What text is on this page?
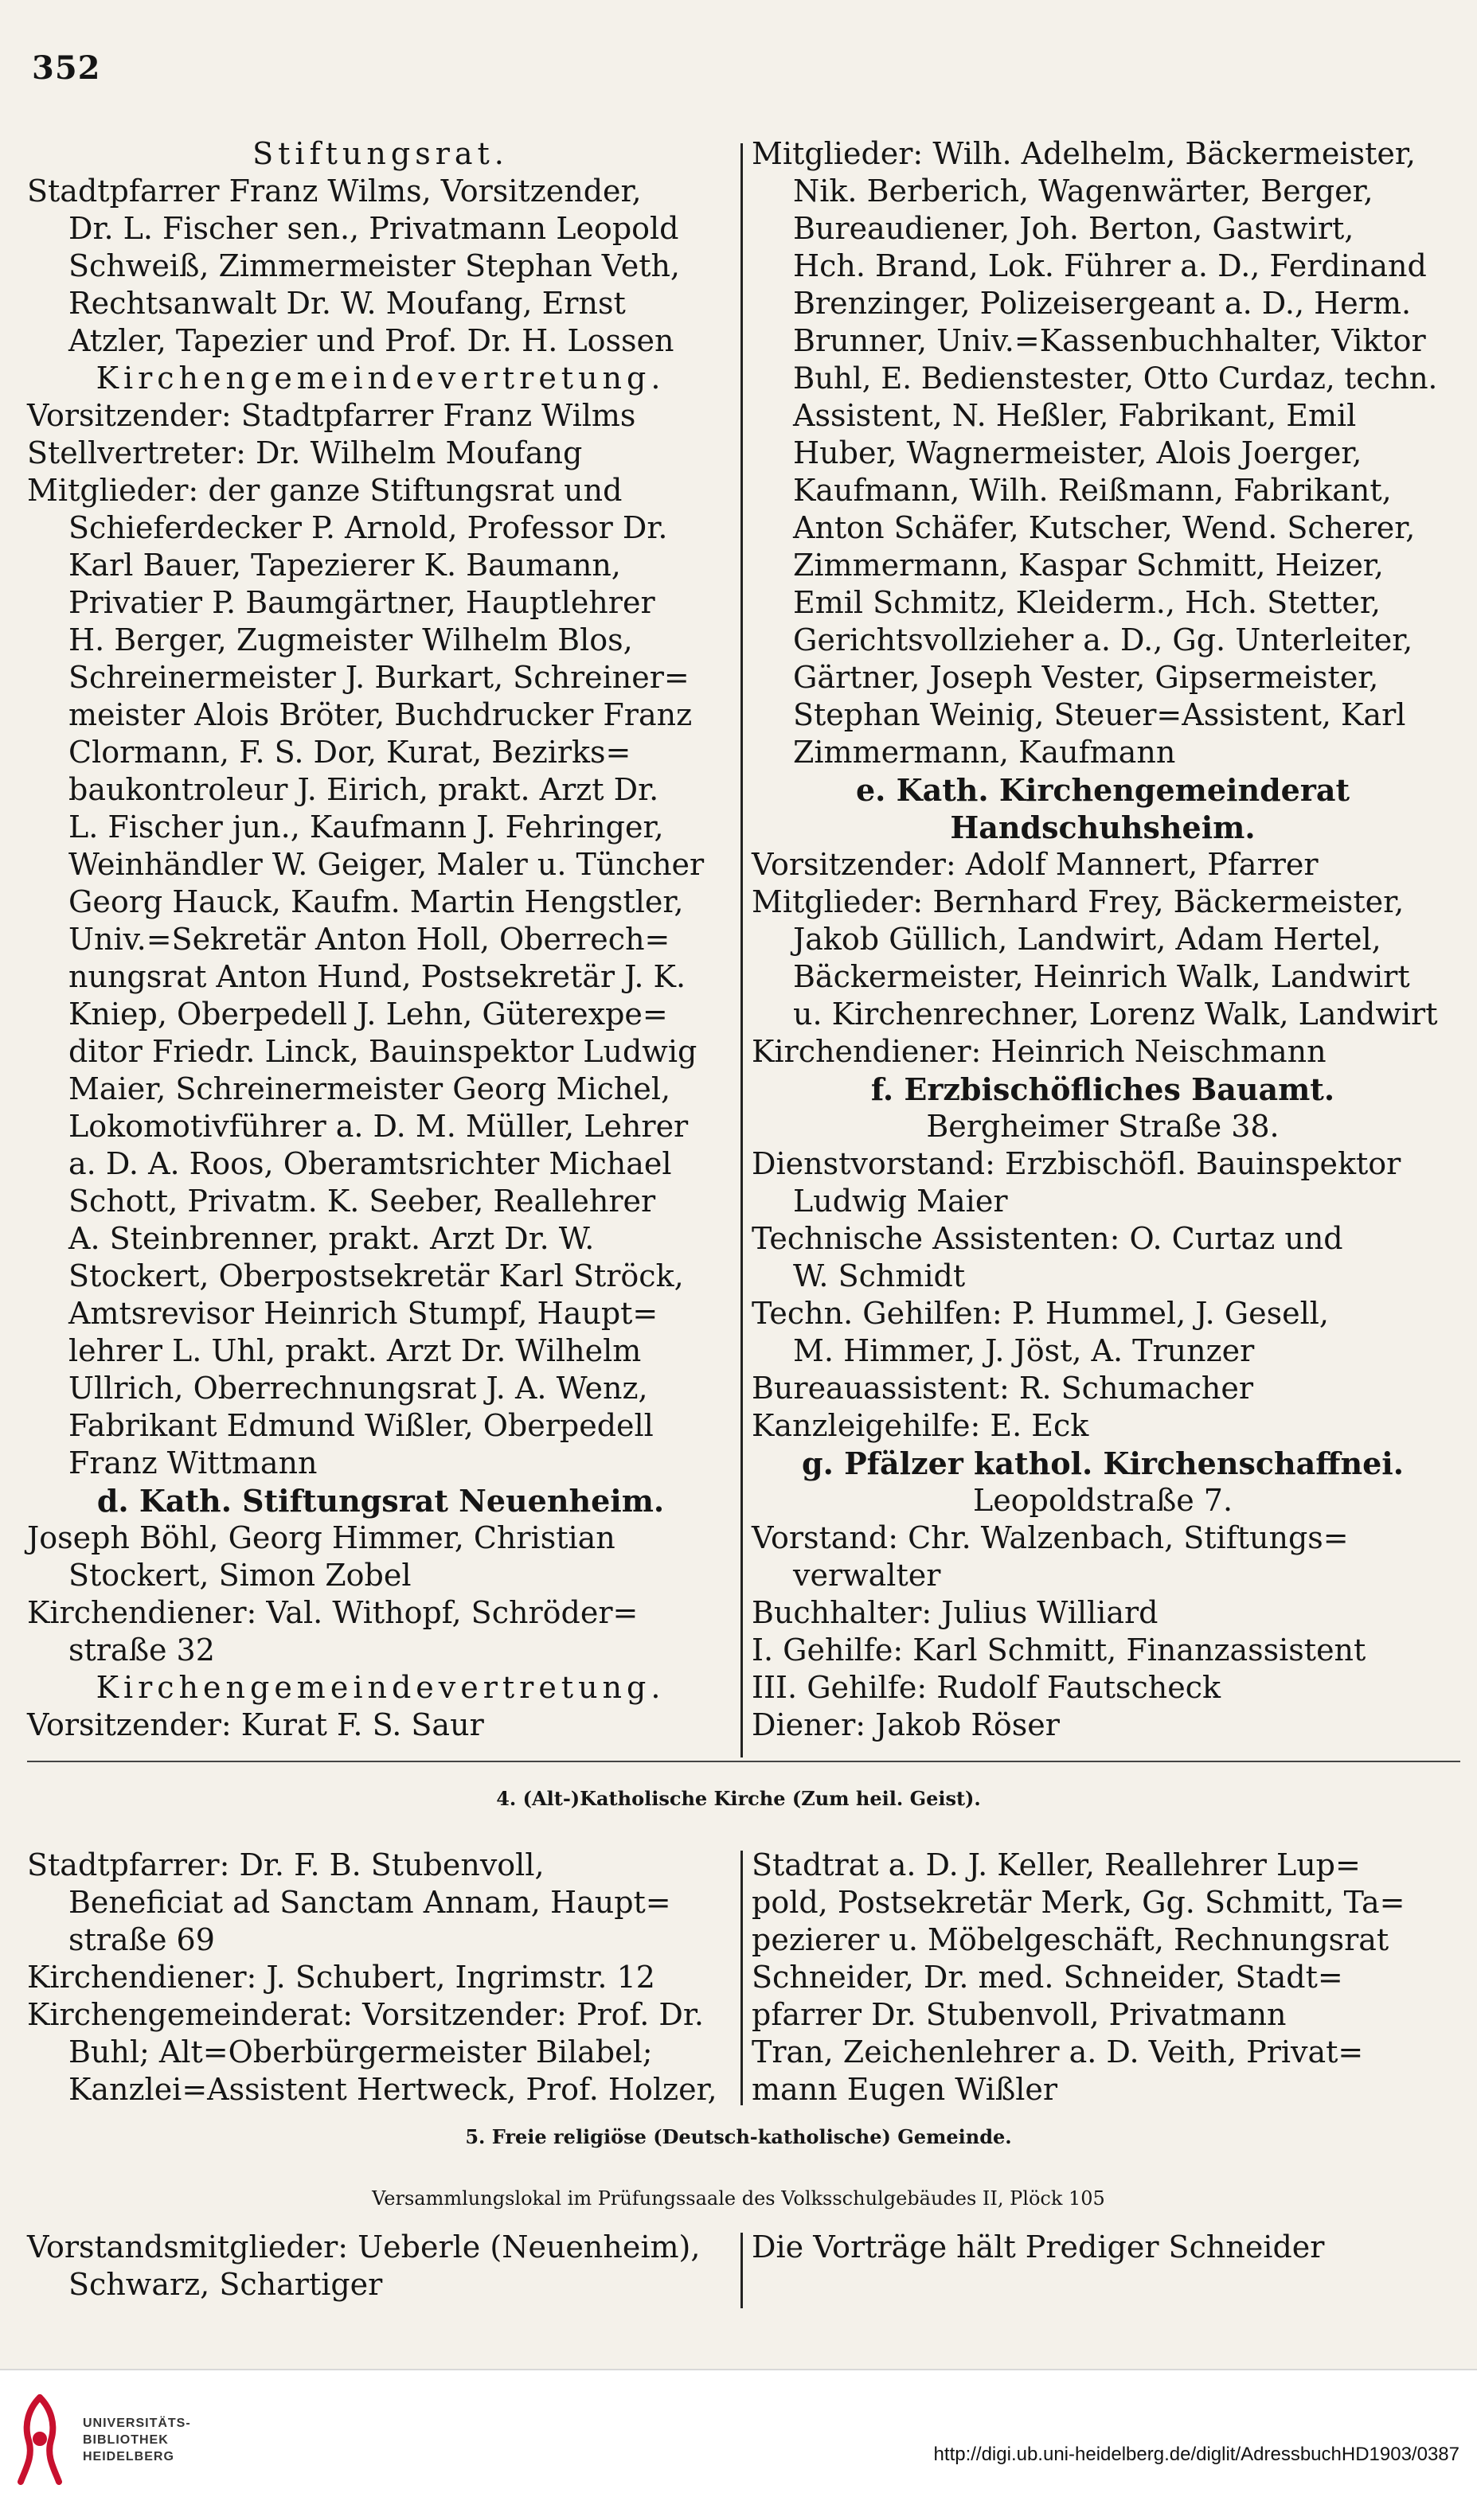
352
Stiftungsrat.
Stadtpfarrer Franz Wilms, Vorsitzender,
Dr. L. Fischer sen., Privatmann Leopold
Schweiß, Zimmermeister Stephan Veth,
Rechtsanwalt Dr. W. Moufang, Ernst
Atzler, Tapezier und Prof. Dr. H. Lossen
Kirchengemeindevertretung.
Vorsitzender: Stadtpfarrer Franz Wilms
Stellvertreter: Dr. Wilhelm Moufang
Mitglieder: der ganze Stiftungsrat und
Schieferdecker P. Arnold, Professor Dr.
Karl Bauer, Tapezierer K. Baumann,
Privatier P. Baumgärtner, Hauptlehrer
H. Berger, Zugmeister Wilhelm Blos,
Schreinermeister J. Burkart, Schreiner=
meister Alois Bröter, Buchdrucker Franz
Clormann, F. S. Dor, Kurat, Bezirks=
baukontroleur J. Eirich, prakt. Arzt Dr.
L. Fischer jun., Kaufmann J. Fehringer,
Weinhändler W. Geiger, Maler u. Tüncher
Georg Hauck, Kaufm. Martin Hengstler,
Univ.=Sekretär Anton Holl, Oberrech=
nungsrat Anton Hund, Postsekretär J. K.
Kniep, Oberpedell J. Lehn, Güterexpe=
ditor Friedr. Linck, Bauinspektor Ludwig
Maier, Schreinermeister Georg Michel,
Lokomotivführer a. D. M. Müller, Lehrer
a. D. A. Roos, Oberamtsrichter Michael
Schott, Privatm. K. Seeber, Reallehrer
A. Steinbrenner, prakt. Arzt Dr. W.
Stockert, Oberpostsekretär Karl Ströck,
Amtsrevisor Heinrich Stumpf, Haupt=
lehrer L. Uhl, prakt. Arzt Dr. Wilhelm
Ullrich, Oberrechnungsrat J. A. Wenz,
Fabrikant Edmund Wißler, Oberpedell
Franz Wittmann
d. Kath. Stiftungsrat Neuenheim.
Joseph Böhl, Georg Himmer, Christian
Stockert, Simon Zobel
Kirchendiener: Val. Withopf, Schröder=
straße 32
Kirchengemeindevertretung.
Vorsitzender: Kurat F. S. Saur
Mitglieder: Wilh. Adelhelm, Bäckermeister,
Nik. Berberich, Wagenwärter, Berger,
Bureaudiener, Joh. Berton, Gastwirt,
Hch. Brand, Lok. Führer a. D., Ferdinand
Brenzinger, Polizeisergeant a. D., Herm.
Brunner, Univ.=Kassenbuchhalter, Viktor
Buhl, E. Bedienstester, Otto Curdaz, techn.
Assistent, N. Heßler, Fabrikant, Emil
Huber, Wagnermeister, Alois Joerger,
Kaufmann, Wilh. Reißmann, Fabrikant,
Anton Schäfer, Kutscher, Wend. Scherer,
Zimmermann, Kaspar Schmitt, Heizer,
Emil Schmitz, Kleiderm., Hch. Stetter,
Gerichtsvollzieher a. D., Gg. Unterleiter,
Gärtner, Joseph Vester, Gipsermeister,
Stephan Weinig, Steuer=Assistent, Karl
Zimmermann, Kaufmann
e. Kath. Kirchengemeinderat
Handschuhsheim.
Vorsitzender: Adolf Mannert, Pfarrer
Mitglieder: Bernhard Frey, Bäckermeister,
Jakob Güllich, Landwirt, Adam Hertel,
Bäckermeister, Heinrich Walk, Landwirt
u. Kirchenrechner, Lorenz Walk, Landwirt
Kirchendiener: Heinrich Neischmann
f. Erzbischöfliches Bauamt.
Bergheimer Straße 38.
Dienstvorstand: Erzbischöfl. Bauinspektor
Ludwig Maier
Technische Assistenten: O. Curtaz und
W. Schmidt
Techn. Gehilfen: P. Hummel, J. Gesell,
M. Himmer, J. Jöst, A. Trunzer
Bureauassistent: R. Schumacher
Kanzleigehilfe: E. Eck
g. Pfälzer kathol. Kirchenschaffnei.
Leopoldstraße 7.
Vorstand: Chr. Walzenbach, Stiftungs=
verwalter
Buchhalter: Julius Williard
I. Gehilfe: Karl Schmitt, Finanzassistent
III. Gehilfe: Rudolf Fautscheck
Diener: Jakob Röser
4. (Alt-)Katholische Kirche (Zum heil. Geist).
Stadtpfarrer: Dr. F. B. Stubenvoll,
Beneficiat ad Sanctam Annam, Haupt=
straße 69
Kirchendiener: J. Schubert, Ingrimstr. 12
Kirchengemeinderat: Vorsitzender: Prof. Dr.
Buhl; Alt=Oberbürgermeister Bilabel;
Kanzlei=Assistent Hertweck, Prof. Holzer,
Stadtrat a. D. J. Keller, Reallehrer Lup=
pold, Postsekretär Merk, Gg. Schmitt, Ta=
pezierer u. Möbelgeschäft, Rechnungsrat
Schneider, Dr. med. Schneider, Stadt=
pfarrer Dr. Stubenvoll, Privatmann
Tran, Zeichenlehrer a. D. Veith, Privat=
mann Eugen Wißler
5. Freie religiöse (Deutsch-katholische) Gemeinde.
Versammlungslokal im Prüfungssaale des Volksschulgebäudes II, Plöck 105
Vorstandsmitglieder: Ueberle (Neuenheim),
Schwarz, Schartiger
Die Vorträge hält Prediger Schneider
UNIVERSITÄTS-
BIBLIOTHEK
HEIDELBERG	http://digi.ub.uni-heidelberg.de/diglit/AdressbuchHD1903/0387
